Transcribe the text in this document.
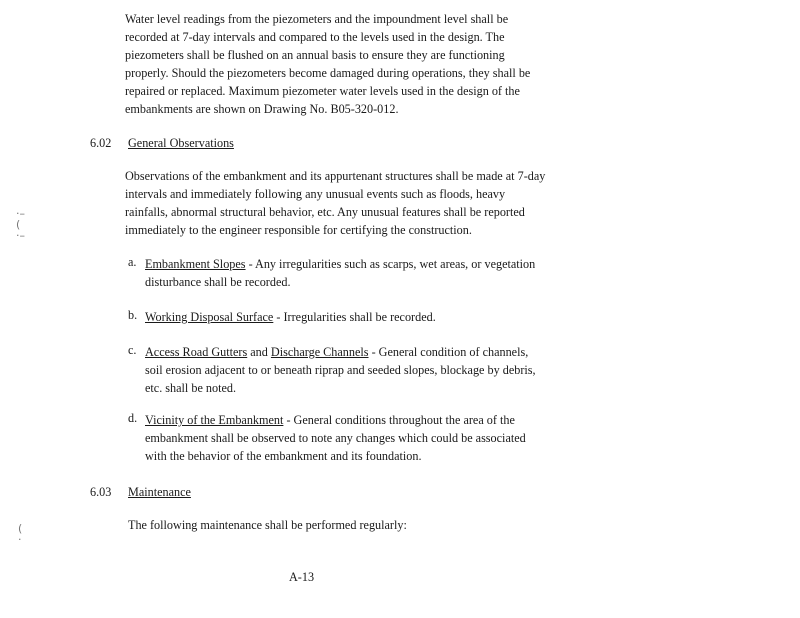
Water level readings from the piezometers and the impoundment level shall be recorded at 7-day intervals and compared to the levels used in the design. The piezometers shall be flushed on an annual basis to ensure they are functioning properly. Should the piezometers become damaged during operations, they shall be repaired or replaced. Maximum piezometer water levels used in the design of the embankments are shown on Drawing No. B05-320-012.
6.02 General Observations
Observations of the embankment and its appurtenant structures shall be made at 7-day intervals and immediately following any unusual events such as floods, heavy rainfalls, abnormal structural behavior, etc. Any unusual features shall be reported immediately to the engineer responsible for certifying the construction.
·–
(
·–
a. Embankment Slopes - Any irregularities such as scarps, wet areas, or vegetation disturbance shall be recorded.
b. Working Disposal Surface - Irregularities shall be recorded.
c. Access Road Gutters and Discharge Channels - General condition of channels, soil erosion adjacent to or beneath riprap and seeded slopes, blockage by debris, etc. shall be noted.
d. Vicinity of the Embankment - General conditions throughout the area of the embankment shall be observed to note any changes which could be associated with the behavior of the embankment and its foundation.
6.03 Maintenance
The following maintenance shall be performed regularly:
(
·
A-13
